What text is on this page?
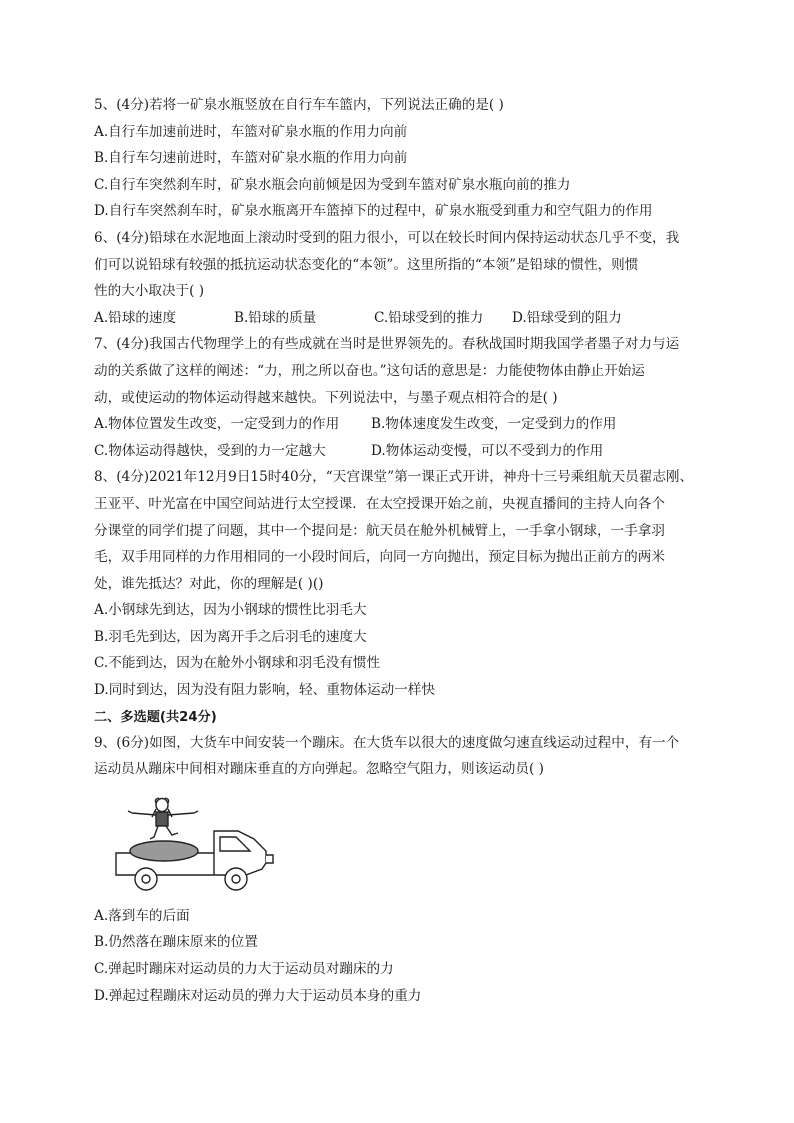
5、(4分)若将一矿泉水瓶竖放在自行车车篮内，下列说法正确的是( )
A.自行车加速前进时，车篮对矿泉水瓶的作用力向前
B.自行车匀速前进时，车篮对矿泉水瓶的作用力向前
C.自行车突然刹车时，矿泉水瓶会向前倾是因为受到车篮对矿泉水瓶向前的推力
D.自行车突然刹车时，矿泉水瓶离开车篮掉下的过程中，矿泉水瓶受到重力和空气阻力的作用
6、(4分)铅球在水泥地面上滚动时受到的阻力很小，可以在较长时间内保持运动状态几乎不变，我
们可以说铅球有较强的抵抗运动状态变化的“本领”。这里所指的“本领”是铅球的惯性，则惯
性的大小取决于( )
A.铅球的速度	B.铅球的质量	C.铅球受到的推力	D.铅球受到的阻力
7、(4分)我国古代物理学上的有些成就在当时是世界领先的。春秋战国时期我国学者墨子对力与运
动的关系做了这样的阐述：“力，刑之所以奋也。”这句话的意思是：力能使物体由静止开始运
动，或使运动的物体运动得越来越快。下列说法中，与墨子观点相符合的是( )
A.物体位置发生改变，一定受到力的作用	B.物体速度发生改变，一定受到力的作用
C.物体运动得越快，受到的力一定越大	D.物体运动变慢，可以不受到力的作用
8、(4分)2021年12月9日15时40分，“天宫课堂”第一课正式开讲，神舟十三号乘组航天员翟志刚、
王亚平、叶光富在中国空间站进行太空授课．在太空授课开始之前，央视直播间的主持人向各个
分课堂的同学们提了问题，其中一个提问是：航天员在舱外机械臂上，一手拿小钢球，一手拿羽
毛，双手用同样的力作用相同的一小段时间后，向同一方向抛出，预定目标为抛出正前方的两米
处，谁先抵达？对此，你的理解是( )()
A.小钢球先到达，因为小钢球的惯性比羽毛大
B.羽毛先到达，因为离开手之后羽毛的速度大
C.不能到达，因为在舱外小钢球和羽毛没有惯性
D.同时到达，因为没有阻力影响，轻、重物体运动一样快
二、多选题(共24分)
9、(6分)如图，大货车中间安装一个蹦床。在大货车以很大的速度做匀速直线运动过程中，有一个
运动员从蹦床中间相对蹦床垂直的方向弹起。忽略空气阻力，则该运动员( )
A.落到车的后面
B.仍然落在蹦床原来的位置
C.弹起时蹦床对运动员的力大于运动员对蹦床的力
D.弹起过程蹦床对运动员的弹力大于运动员本身的重力
